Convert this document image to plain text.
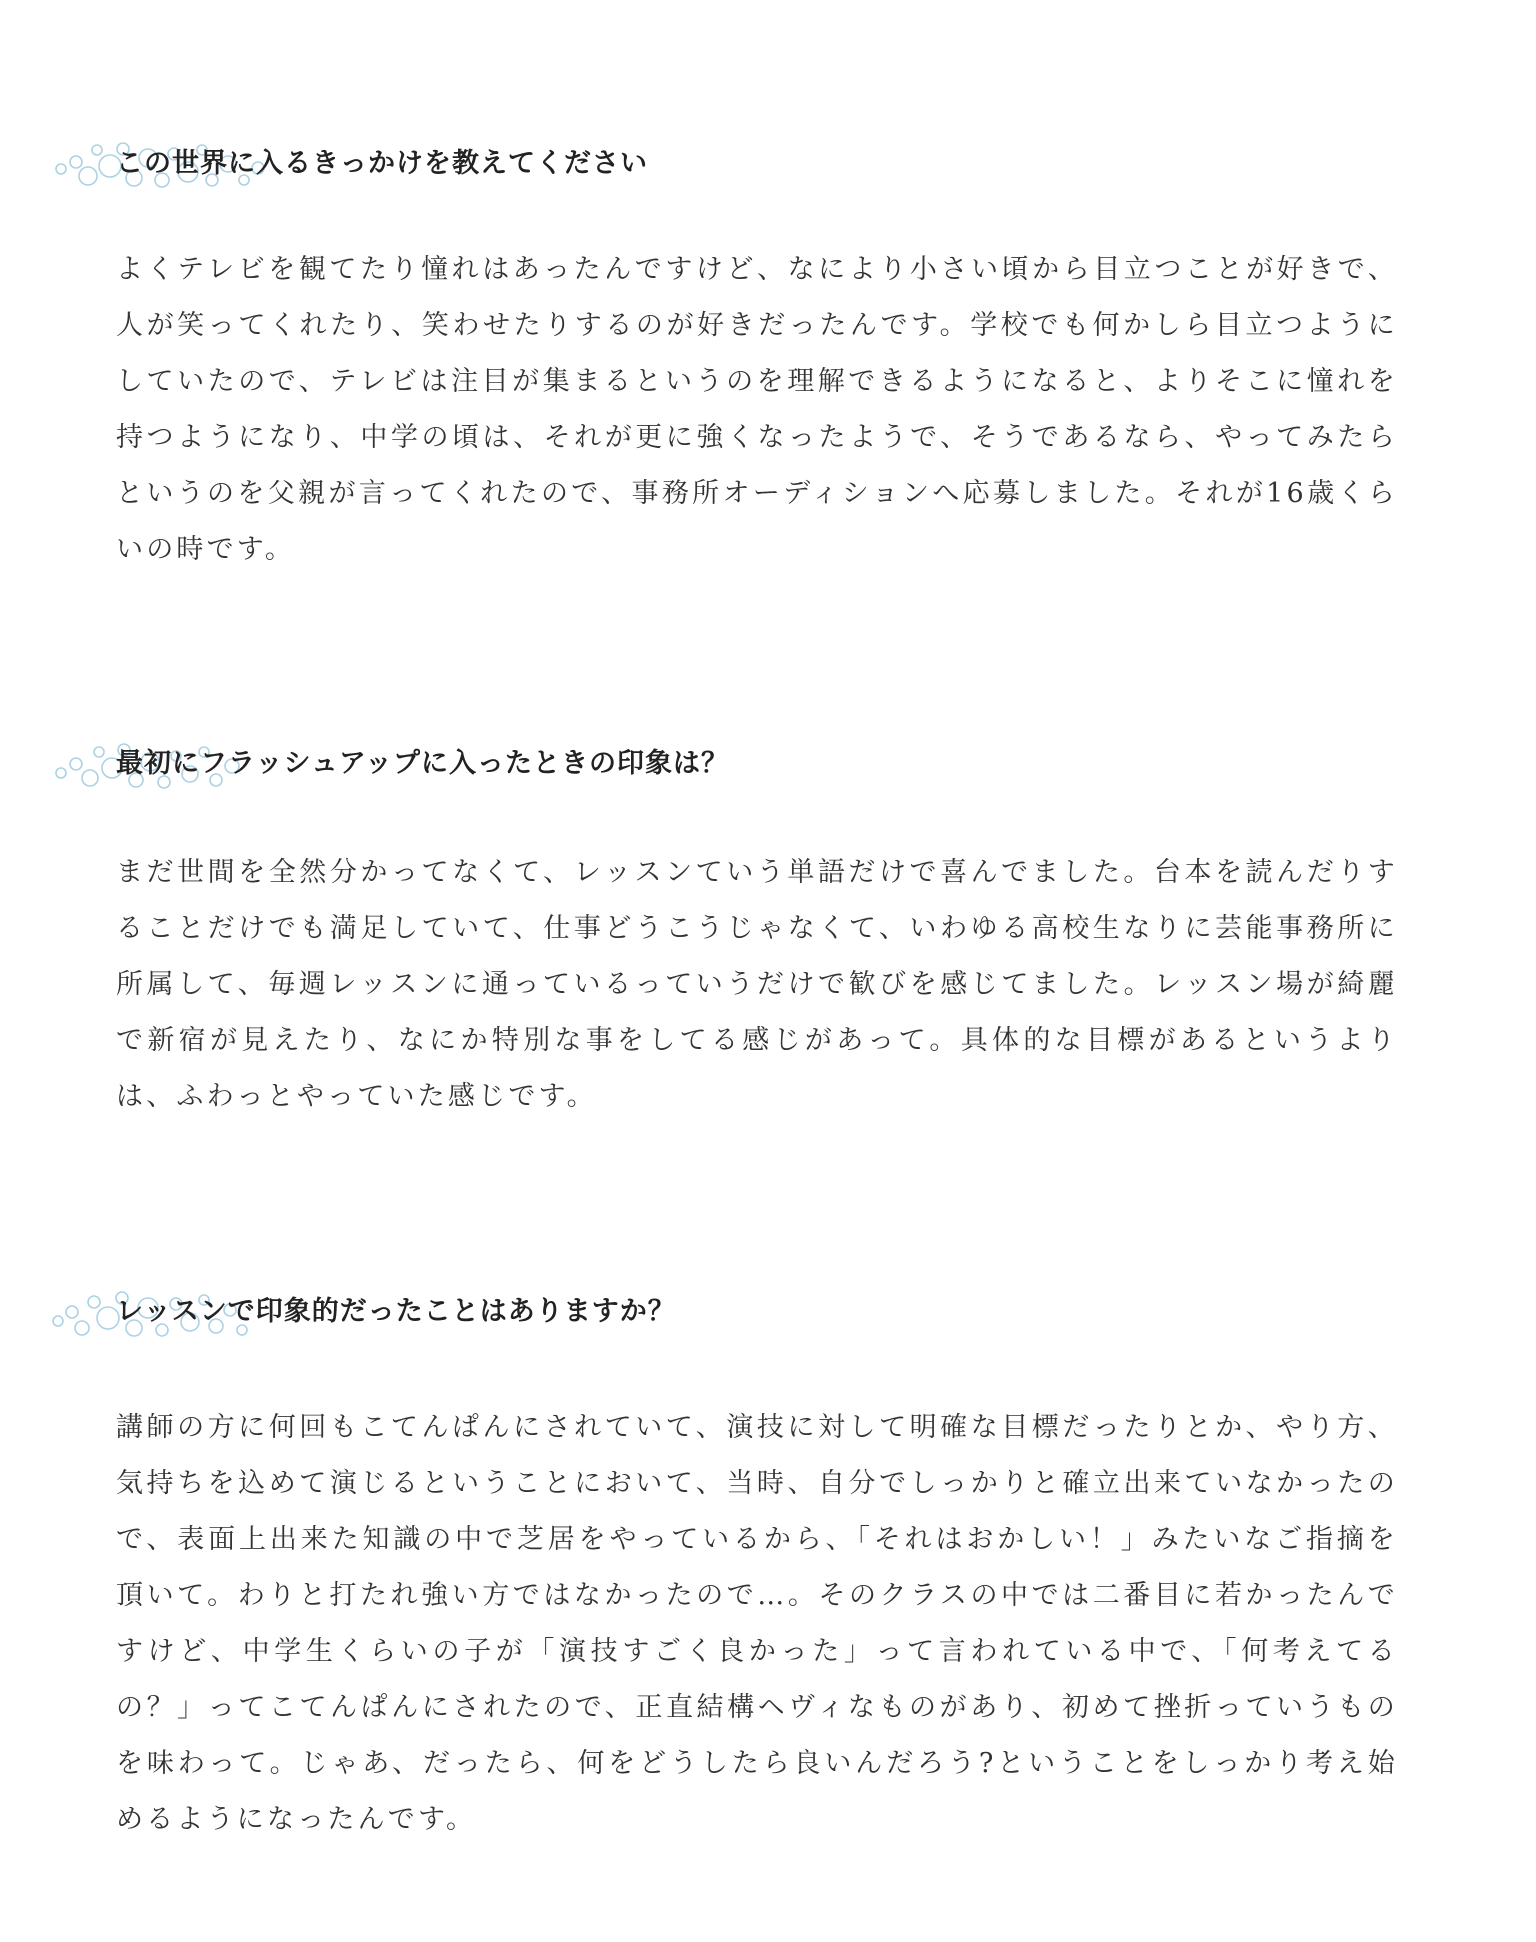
この世界に入るきっかけを教えてください

よくテレビを観てたり憧れはあったんですけど、なにより小さい頃から目立つことが好きで、人が笑ってくれたり、笑わせたりするのが好きだったんです。学校でも何かしら目立つようにしていたので、テレビは注目が集まるというのを理解できるようになると、よりそこに憧れを持つようになり、中学の頃は、それが更に強くなったようで、そうであるなら、やってみたらというのを父親が言ってくれたので、事務所オーディションへ応募しました。それが16歳くらいの時です。

最初にフラッシュアップに入ったときの印象は？

まだ世間を全然分かってなくて、レッスンていう単語だけで喜んでました。台本を読んだりすることだけでも満足していて、仕事どうこうじゃなくて、いわゆる高校生なりに芸能事務所に所属して、毎週レッスンに通っているっていうだけで歓びを感じてました。レッスン場が綺麗で新宿が見えたり、なにか特別な事をしてる感じがあって。具体的な目標があるというよりは、ふわっとやっていた感じです。

レッスンで印象的だったことはありますか？

講師の方に何回もこてんぱんにされていて、演技に対して明確な目標だったりとか、やり方、気持ちを込めて演じるということにおいて、当時、自分でしっかりと確立出来ていなかったので、表面上出来た知識の中で芝居をやっているから、「それはおかしい！」みたいなご指摘を頂いて。わりと打たれ強い方ではなかったので…。そのクラスの中では二番目に若かったんですけど、中学生くらいの子が「演技すごく良かった」って言われている中で、「何考えてるの？」ってこてんぱんにされたので、正直結構ヘヴィなものがあり、初めて挫折っていうものを味わって。じゃあ、だったら、何をどうしたら良いんだろう?ということをしっかり考え始めるようになったんです。
